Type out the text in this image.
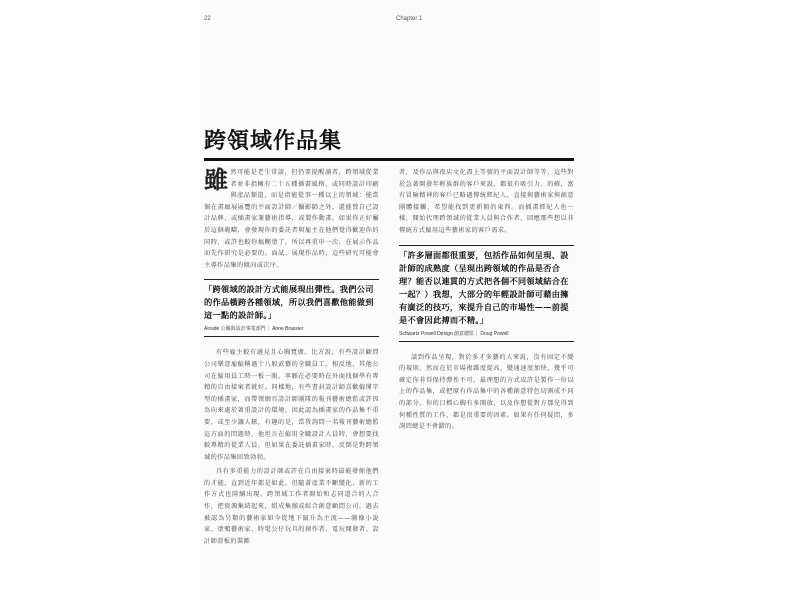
22	Chapter 1
跨領域作品集

雖然可能是老生常談，但仍要提醒讀者，跨領域從業者並非指擁有二十五種插畫風格，或同時設計印刷與產品類還，而是指能從事一種以上的領域：能當個在畫廊展展覽的平面設計師／攝影師之外，還能營自己設計品牌，或插畫家兼藝術指導，或製作動畫。如果你正好屬於這個範疇，會發現你的委託者與雇主在他們覺得歡迎你的同時，或許也較你搞糊塗了。所以再重申一次，在展示作品而先作研究是必要的。面試、展現作品時，這些研究可能會主導作品集的傾向或次序。

「跨領域的設計方式能展現出彈性。我們公司的作品橫跨各種領域，所以我們喜歡他能做到這一點的設計師。」

Airside 公關與設計事業部門｜ Anne Brassier

有些雇主較有適見且心胸寬廣。比方說，有些設計顧問公司樂意雇僱稱過十八般武藝的全職員工，相反地，其他公司在僱用員工時一板一眼，寧願在必要時在外面找個學有專精的自由接案者就好。同樣地，有些書封設計師喜歡僱懂字型的插畫家，而帶領網頁設計師團隊的報刊藝術總監或許因為向來處於著重設計的環境，因此認為插畫家的作品集不重要，或至少讓人厭，有趣的是，當我詢問一名報刊藝術總監這方面的問題時，他坦言在僱用全職設計人員時，會想要找較專精的從業人員，但如果在委託插畫家時，反倒是對跨領域的作品集回致勃勃。

具有多重能力的設計師或許在自由接案時最能發揮他們的才能，直到近年都是如此，但隨著產業不斷變化，新的工作方式也陸續出現。跨領域工作者開始和志同道合的人合作，把資源集結起來，組成集團或綜合創意顧問公司。過去被認為另類的藝術家如今從地下竄升為主流——圖像小說家、塗鴉藝術家、時髦公仔玩具的創作者、電玩開發者、設計師滑板的裝飾

者，及作品與夜店文化盡上等號的平面設計師等等，這些對於急著開發年輕族群的客戶來說，都很有吸引力。的確，富有冒險精神的客戶已略過傳統經紀人，直接與藝術家與創意團體接觸，希望能找到更新穎的東西。而插畫經紀人也一樣，開始代理跨領域的從業人員與合作者，回應那些想以非傳統方式僱用這些藝術家的客戶需求。

「許多層面都很重要，包括作品如何呈現、設計師的成熟度（呈現出跨領域的作品是否合理？能否以連貫的方式把各個不同領域結合在一起？）我想，大部分的年輕設計師可藉由擁有廣泛的技巧，來提升自己的市場性——前提是不會因此搏而不精。」

Schwartz Powell Design 創意總監｜ Doug Powell

談到作品呈現，對於多才多藝的人來說，沒有固定不變的規則。然而在於市場複雜度提高，變通速度加快，幾乎可確定你非得保持彈性不可。最理想的方式或許是製作一份以上的作品集，或把原有作品集中的各種創意特色切割成不同的部分。你的目標心胸有多開放，以及你想從對方那兒得到何種性質的工作，都是很重要的因素。如果有任何疑問，多詢問總是不會錯的。
